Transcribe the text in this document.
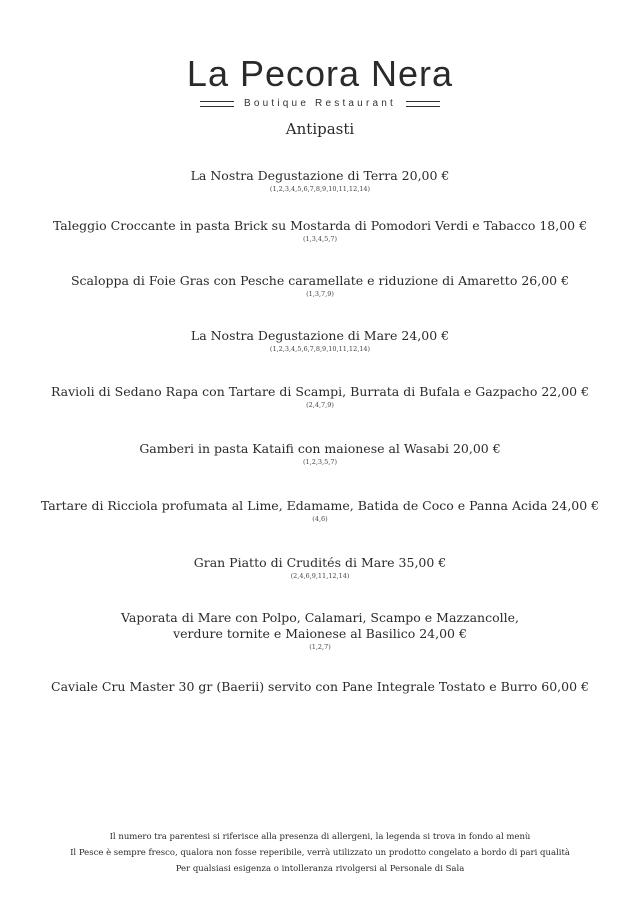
La Pecora Nera
Boutique Restaurant
Antipasti
La Nostra Degustazione di Terra 20,00 €
(1,2,3,4,5,6,7,8,9,10,11,12,14)
Taleggio Croccante in pasta Brick su Mostarda di Pomodori Verdi e Tabacco 18,00 €
(1,3,4,5,7)
Scaloppa di Foie Gras con Pesche caramellate e riduzione di Amaretto 26,00 €
(1,3,7,9)
La Nostra Degustazione di Mare 24,00 €
(1,2,3,4,5,6,7,8,9,10,11,12,14)
Ravioli di Sedano Rapa con Tartare di Scampi, Burrata di Bufala e Gazpacho 22,00 €
(2,4,7,9)
Gamberi in pasta Kataifi con maionese al Wasabi 20,00 €
(1,2,3,5,7)
Tartare di Ricciola profumata al Lime, Edamame, Batida de Coco e Panna Acida 24,00 €
(4,6)
Gran Piatto di Crudités di Mare 35,00 €
(2,4,6,9,11,12,14)
Vaporata di Mare con Polpo, Calamari, Scampo e Mazzancolle,
verdure tornite e Maionese al Basilico 24,00 €
(1,2,7)
Caviale Cru Master 30 gr (Baerii) servito con Pane Integrale Tostato e Burro 60,00 €
Il numero tra parentesi si riferisce alla presenza di allergeni, la legenda si trova in fondo al menù
Il Pesce è sempre fresco, qualora non fosse reperibile, verrà utilizzato un prodotto congelato a bordo di pari qualità
Per qualsiasi esigenza o intolleranza rivolgersi al Personale di Sala
